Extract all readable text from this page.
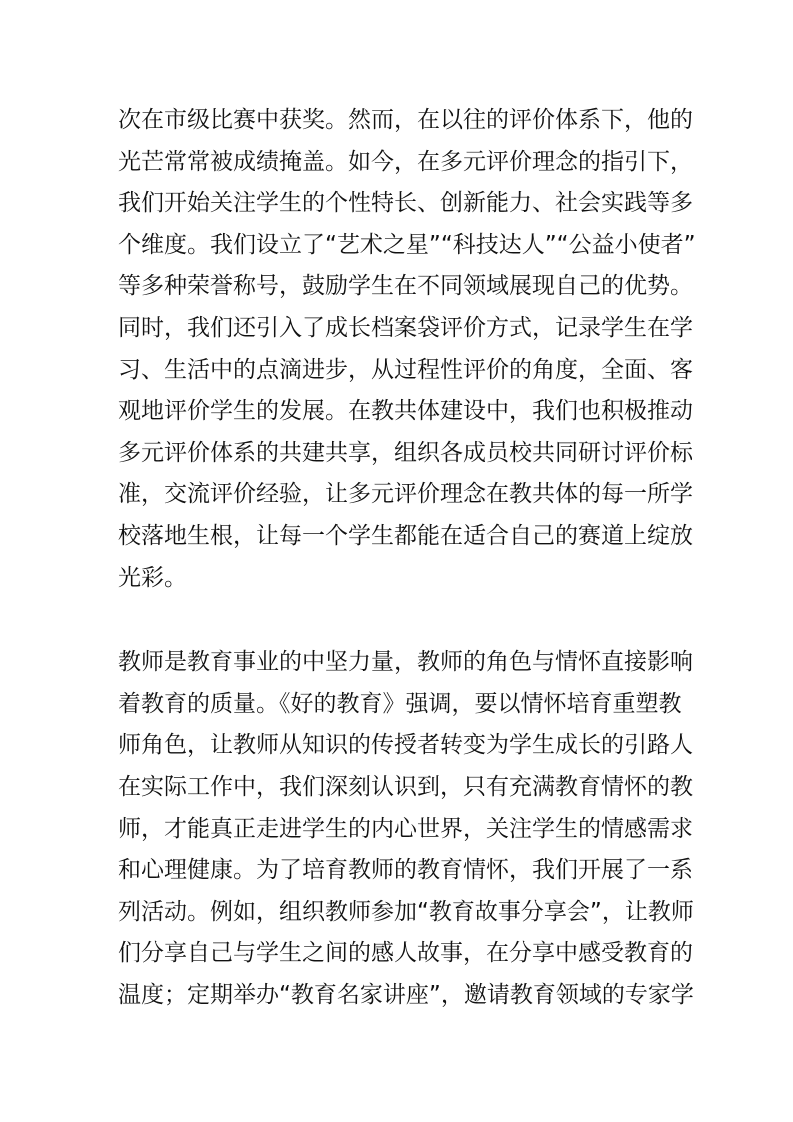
次在市级比赛中获奖。然而，在以往的评价体系下，他的
光芒常常被成绩掩盖。如今，在多元评价理念的指引下，
我们开始关注学生的个性特长、创新能力、社会实践等多
个维度。我们设立了“艺术之星”“科技达人”“公益小使者”
等多种荣誉称号，鼓励学生在不同领域展现自己的优势。
同时，我们还引入了成长档案袋评价方式，记录学生在学
习、生活中的点滴进步，从过程性评价的角度，全面、客
观地评价学生的发展。在教共体建设中，我们也积极推动
多元评价体系的共建共享，组织各成员校共同研讨评价标
准，交流评价经验，让多元评价理念在教共体的每一所学
校落地生根，让每一个学生都能在适合自己的赛道上绽放
光彩。
教师是教育事业的中坚力量，教师的角色与情怀直接影响
着教育的质量。《好的教育》强调，要以情怀培育重塑教
师角色，让教师从知识的传授者转变为学生成长的引路人
在实际工作中，我们深刻认识到，只有充满教育情怀的教
师，才能真正走进学生的内心世界，关注学生的情感需求
和心理健康。为了培育教师的教育情怀，我们开展了一系
列活动。例如，组织教师参加“教育故事分享会”，让教师
们分享自己与学生之间的感人故事，在分享中感受教育的
温度；定期举办“教育名家讲座”，邀请教育领域的专家学
